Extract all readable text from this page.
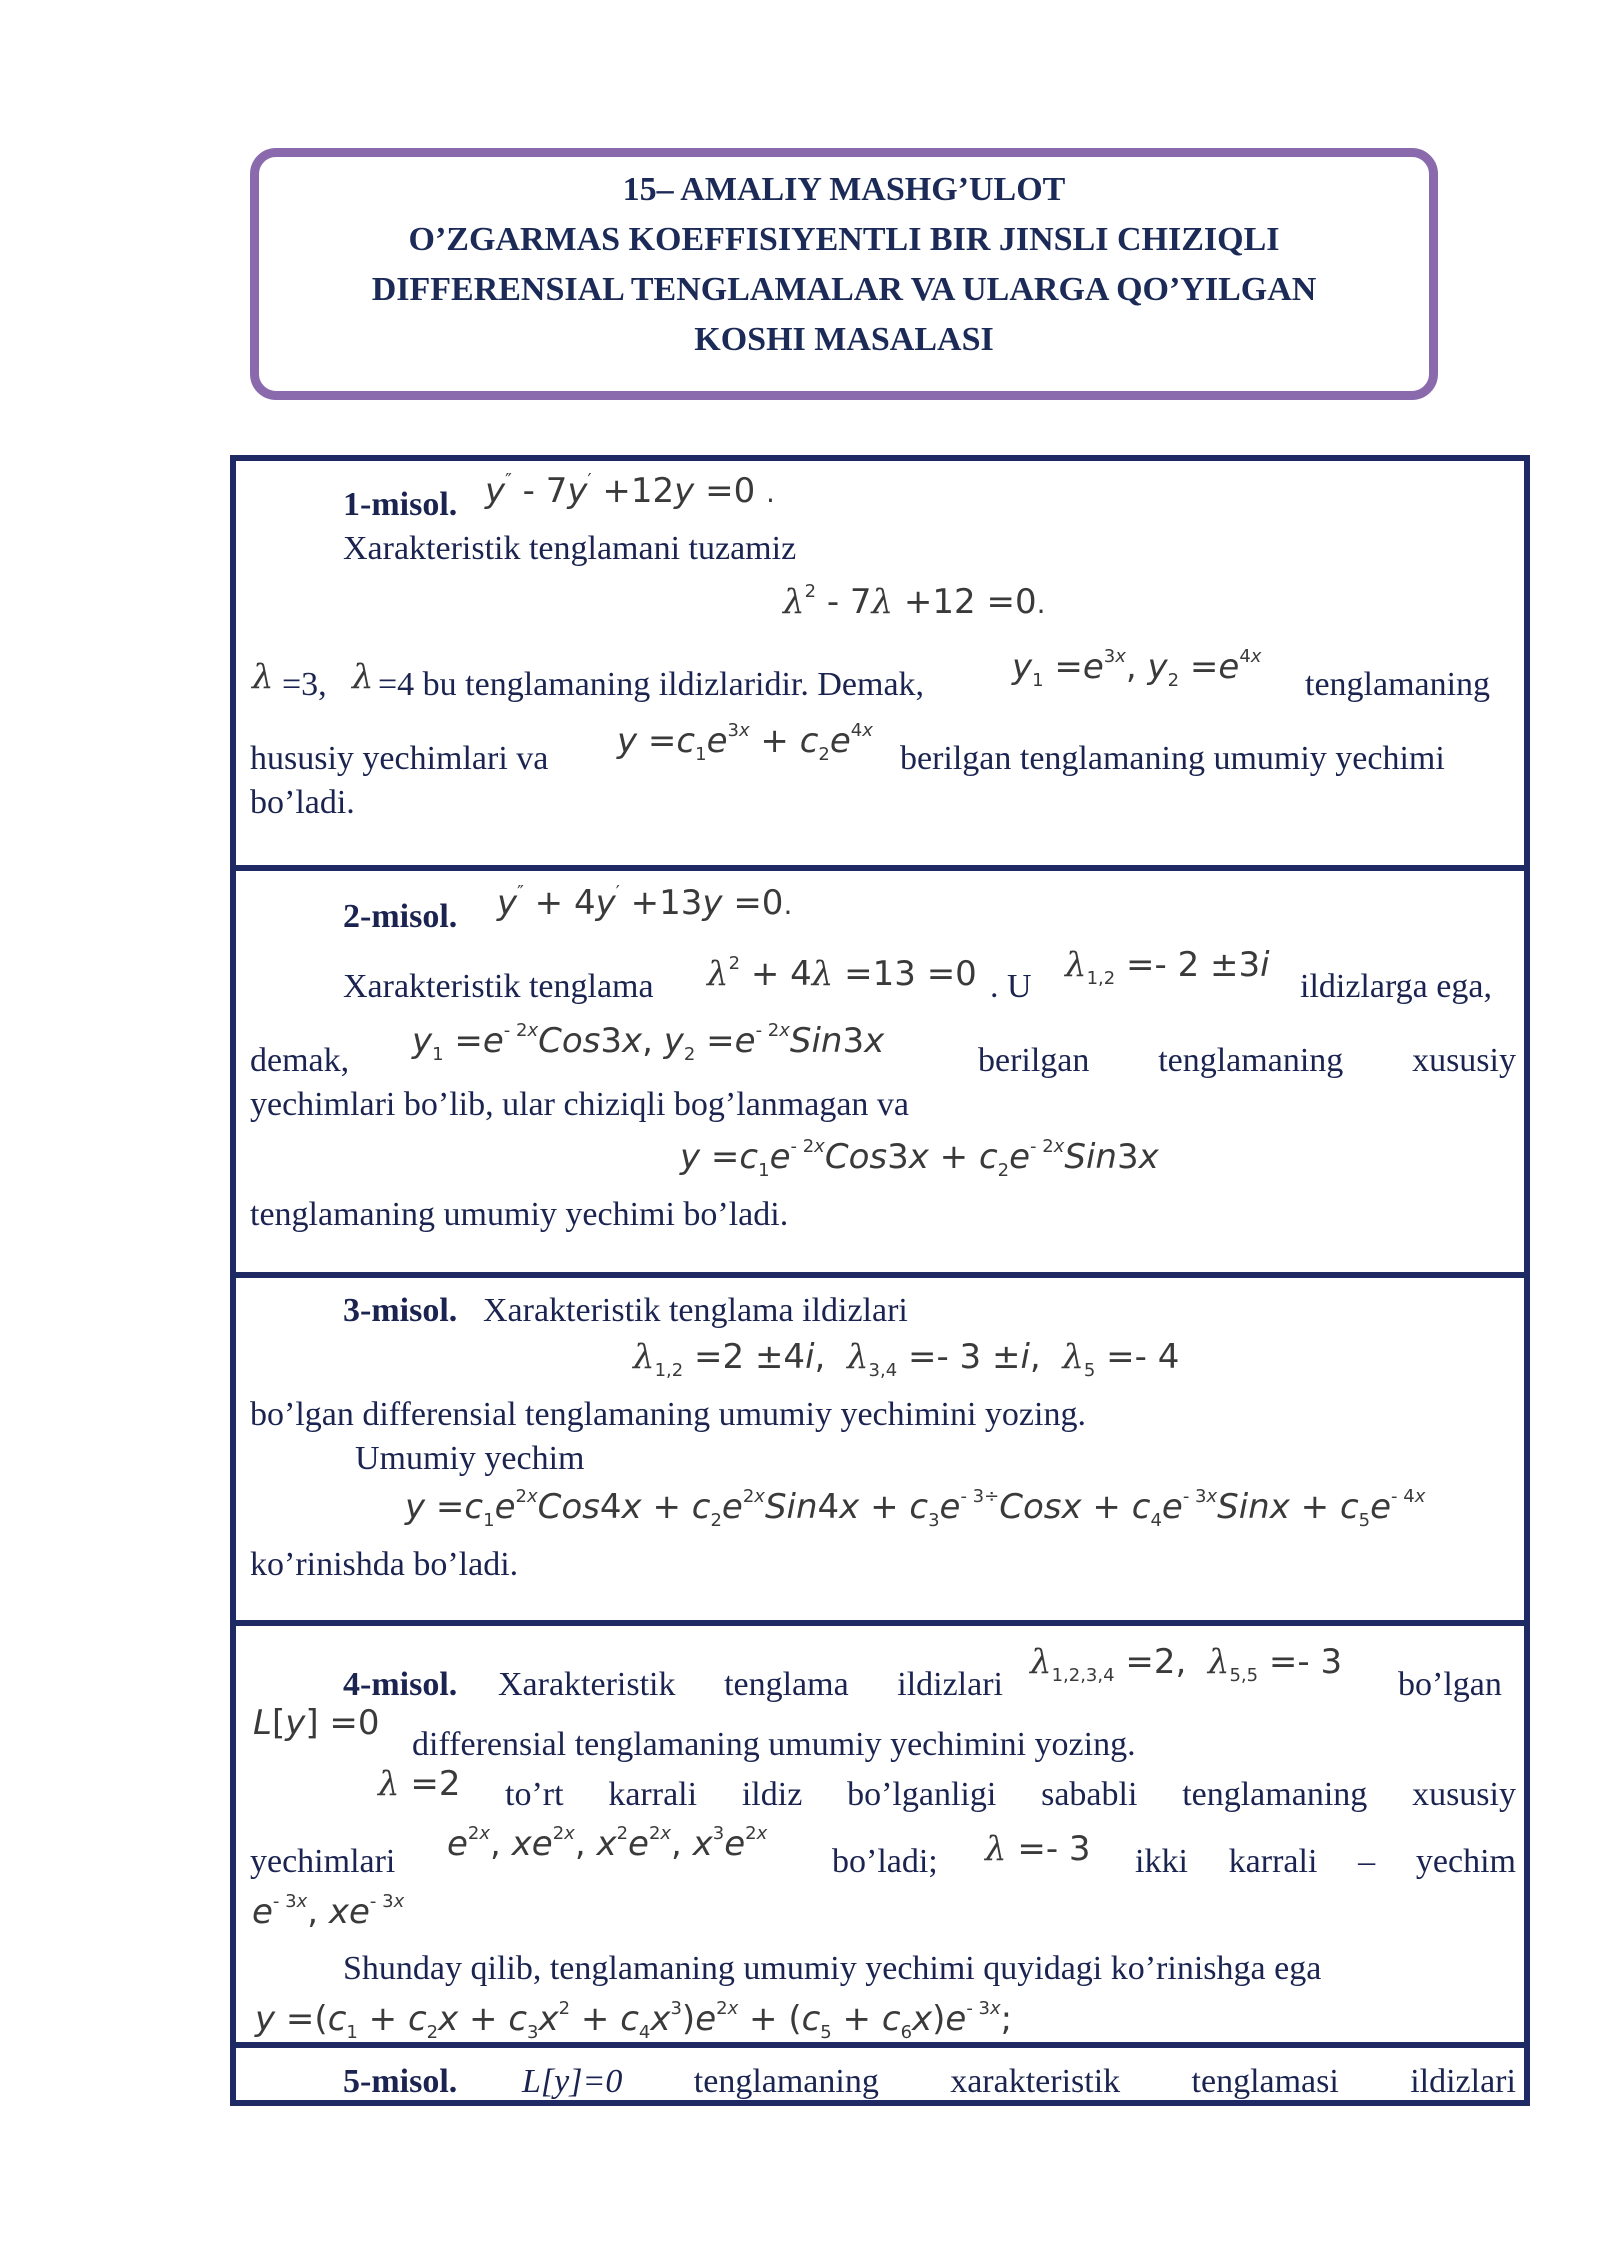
15– AMALIY MASHG’ULOT
O’ZGARMAS KOEFFISIYENTLI BIR JINSLI CHIZIQLI
DIFFERENSIAL TENGLAMALAR VA ULARGA QO’YILGAN
KOSHI MASALASI
1-misol. y″ - 7y′ +12y =0 .
Xarakteristik tenglamani tuzamiz
$\lambda^2 - 7\lambda +12 =0$.
λ =3, λ =4 bu tenglamaning ildizlaridir. Demak,	$y_1 =e^{3x}$, $y_2 =e^{4x}$
tenglamaning
hususiy yechimlari va $y =c_1e^{3x} + c_2e^{4x}$
berilgan tenglamaning umumiy yechimi
bo’ladi.
2-misol. y″ + 4y′ +13y =0.
Xarakteristik tenglama $\lambda^2 + 4\lambda =13 =0$ . U
$\lambda_{1,2} =- 2 \pm 3i$
ildizlarga ega,
demak, $y_1 =e^{- 2x}Cos3x$, $y_2 =e^{- 2x}Sin3x$	berilgan tenglamaning xususiy
yechimlari bo’lib, ular chiziqli bog’lanmagan va
$y =c_1e^{- 2x}Cos3x + c_2e^{- 2x}Sin3x$
tenglamaning umumiy yechimi bo’ladi.
3-misol. Xarakteristik tenglama ildizlari
$\lambda_{1,2} =2 \pm 4i$,  $\lambda_{3,4} =- 3 \pm i$,  $\lambda_5 =- 4$
bo’lgan differensial tenglamaning umumiy yechimini yozing.
Umumiy yechim
$y =c_1e^{2x}Cos4x + c_2e^{2x}Sin4x$ + $c_3e^{- 3\div}Cosx$ + $c_4e^{- 3x}Sinx + c_5e^{- 4x}$
ko’rinishda bo’ladi.
4-misol. Xarakteristik tenglama ildizlari
$\lambda_{1,2,3,4} =2$,  $\lambda_{5,5} =- 3$
bo’lgan
L[y] =0
differensial tenglamaning umumiy yechimini yozing.
λ =2 to’rt karrali ildiz bo’lganligi sababli tenglamaning xususiy
yechimlari $e^{2x}$, $xe^{2x}$, $x^2e^{2x}$, $x^3e^{2x}$
bo’ladi; λ =- 3 ikki karrali – yechim
$e^{- 3x}$, $xe^{- 3x}$
Shunday qilib, tenglamaning umumiy yechimi quyidagi ko’rinishga ega
$y =(c_1 + c_2x + c_3x^2 + c_4x^3)e^{2x} + (c_5 + c_6x)e^{- 3x}$;
5-misol. L[y]=0 tenglamaning xarakteristik tenglamasi ildizlari
